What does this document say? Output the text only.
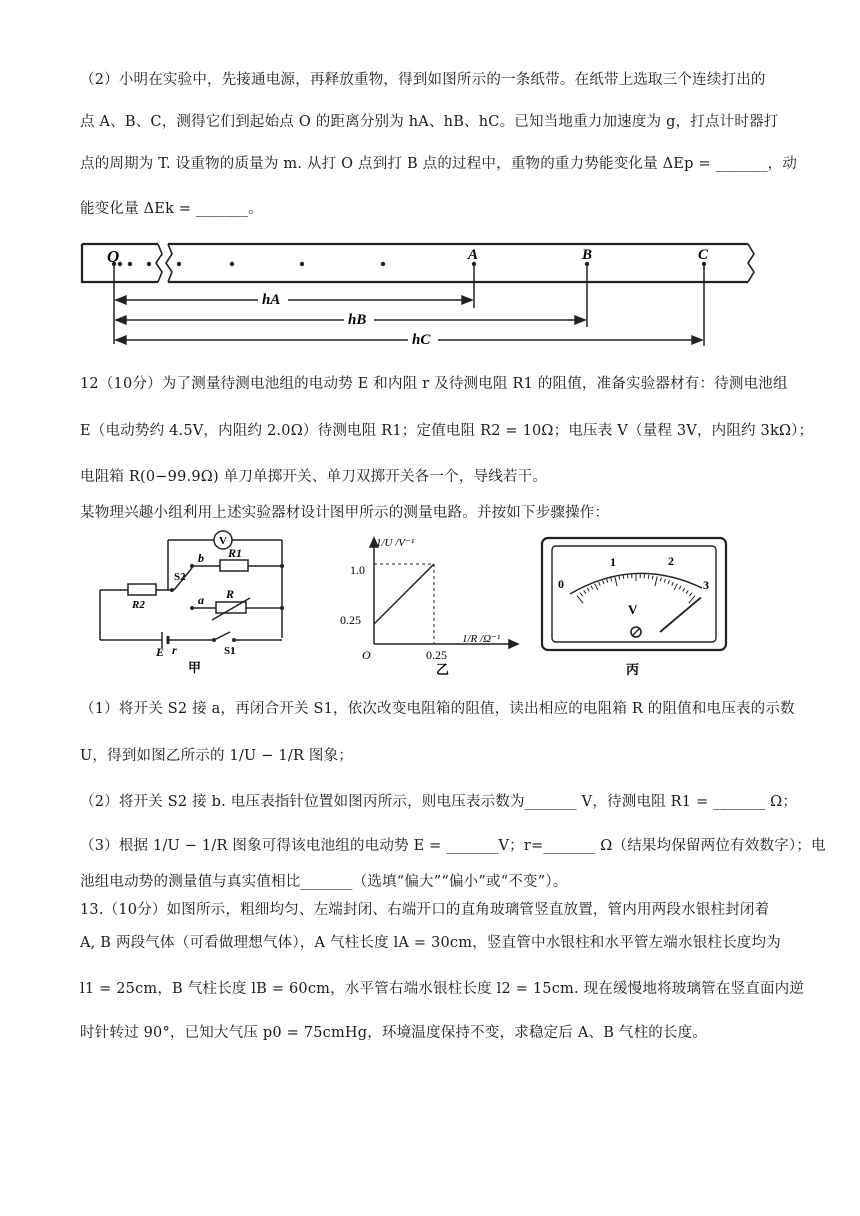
（2）小明在实验中，先接通电源，再释放重物，得到如图所示的一条纸带。在纸带上选取三个连续打出的
点 A、B、C，测得它们到起始点 O 的距离分别为 hA、hB、hC。已知当地重力加速度为 g，打点计时器打
点的周期为 T. 设重物的质量为 m. 从打 O 点到打 B 点的过程中，重物的重力势能变化量 ΔEp = _______，动
能变化量 ΔEk = _______。
O	A	B	C
hA
hB
hC
12（10分）为了测量待测电池组的电动势 E 和内阻 r 及待测电阻 R1 的阻值，准备实验器材有：待测电池组
E（电动势约 4.5V，内阻约 2.0Ω）待测电阻 R1；定值电阻 R2 = 10Ω；电压表 V（量程 3V，内阻约 3kΩ）；
电阻箱 R(0−99.9Ω) 单刀单掷开关、单刀双掷开关各一个，导线若干。
某物理兴趣小组利用上述实验器材设计图甲所示的测量电路。并按如下步骤操作：
V
R1
b
S2
a R
R2
E r	S1
甲
1/U /V⁻¹
1/R /Ω⁻¹
O
1.0
0.25
0.25
乙
0
1	2
3
V
丙
（1）将开关 S2 接 a，再闭合开关 S1，依次改变电阻箱的阻值，读出相应的电阻箱 R 的阻值和电压表的示数
U，得到如图乙所示的 1/U − 1/R 图象；
（2）将开关 S2 接 b. 电压表指针位置如图丙所示，则电压表示数为_______ V，待测电阻 R1 = _______ Ω；
（3）根据 1/U − 1/R 图象可得该电池组的电动势 E = _______V；r=_______ Ω（结果均保留两位有效数字）；电
池组电动势的测量值与真实值相比_______（选填“偏大”“偏小”或“不变”）。
13.（10分）如图所示，粗细均匀、左端封闭、右端开口的直角玻璃管竖直放置，管内用两段水银柱封闭着
A, B 两段气体（可看做理想气体），A 气柱长度 lA = 30cm，竖直管中水银柱和水平管左端水银柱长度均为
l1 = 25cm，B 气柱长度 lB = 60cm，水平管右端水银柱长度 l2 = 15cm. 现在缓慢地将玻璃管在竖直面内逆
时针转过 90°，已知大气压 p0 = 75cmHg，环境温度保持不变，求稳定后 A、B 气柱的长度。
